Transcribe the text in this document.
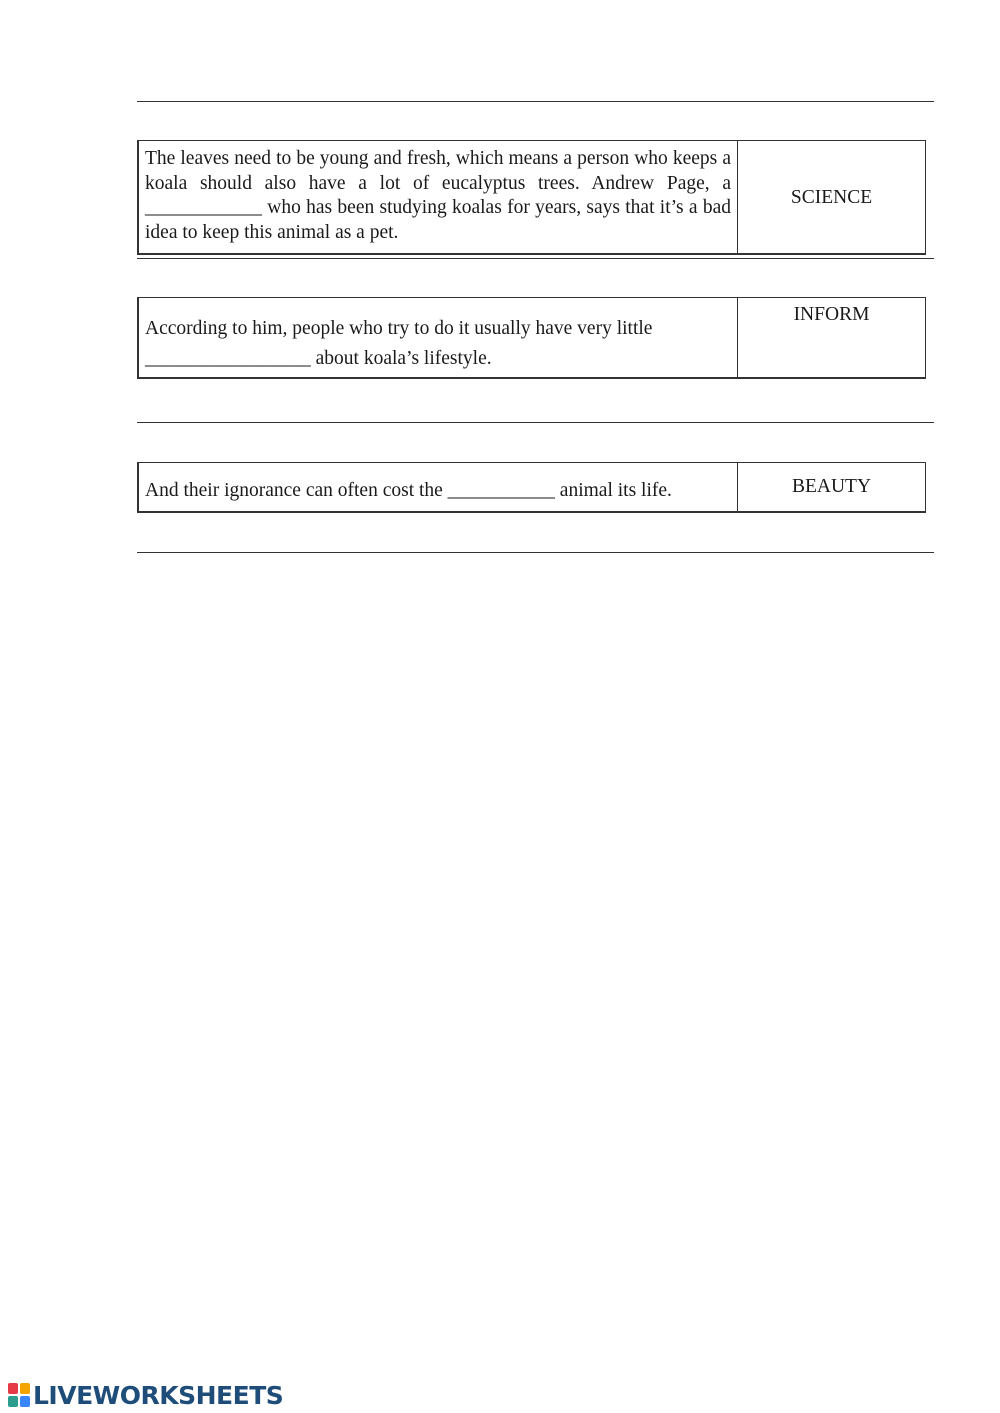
The leaves need to be young and fresh, which means a person who keeps a koala should also have a lot of eucalyptus trees. Andrew Page, a ____________ who has been studying koalas for years, says that it’s a bad idea to keep this animal as a pet.
SCIENCE
According to him, people who try to do it usually have very little
_________________ about koala’s lifestyle.
INFORM
And their ignorance can often cost the ___________ animal its life.	BEAUTY
LIVEWORKSHEETS
